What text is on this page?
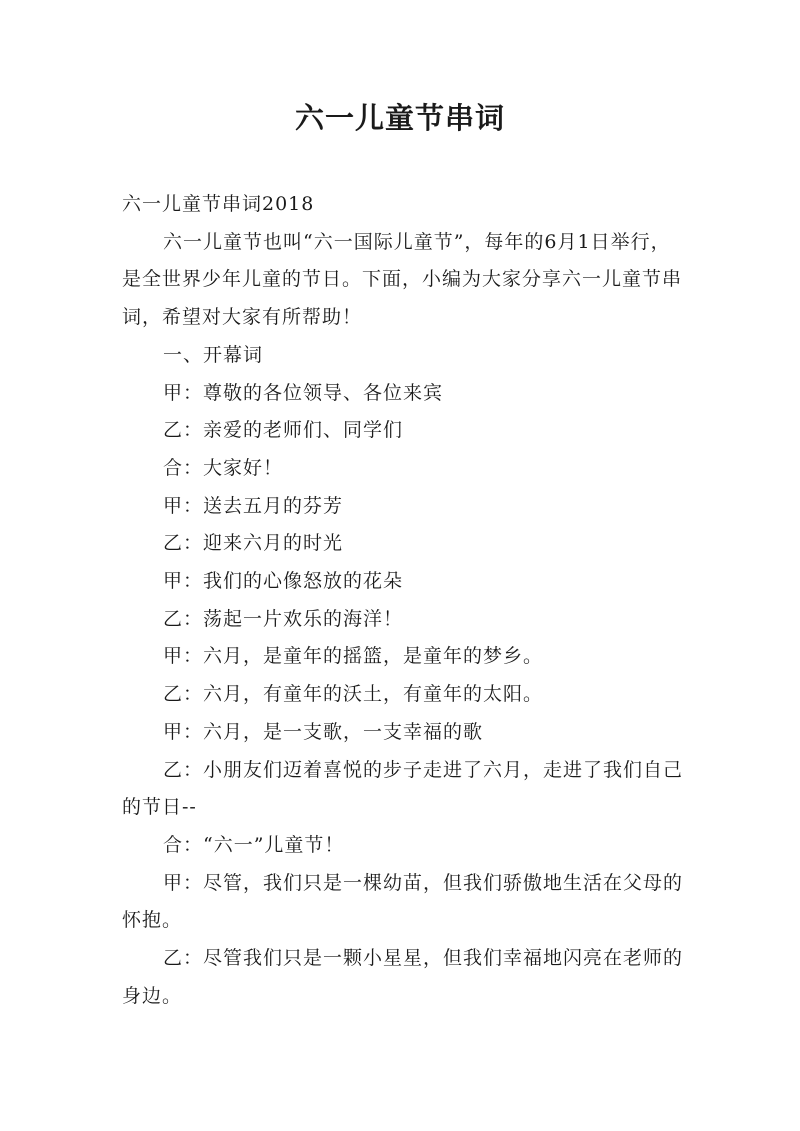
六一儿童节串词

六一儿童节串词2018

六一儿童节也叫“六一国际儿童节”，每年的6月1日举行，是全世界少年儿童的节日。下面，小编为大家分享六一儿童节串词，希望对大家有所帮助！

一、开幕词

甲：尊敬的各位领导、各位来宾

乙：亲爱的老师们、同学们

合：大家好！

甲：送去五月的芬芳

乙：迎来六月的时光

甲：我们的心像怒放的花朵

乙：荡起一片欢乐的海洋！

甲：六月，是童年的摇篮，是童年的梦乡。

乙：六月，有童年的沃土，有童年的太阳。

甲：六月，是一支歌，一支幸福的歌

乙：小朋友们迈着喜悦的步子走进了六月，走进了我们自己的节日--

合：“六一”儿童节！

甲：尽管，我们只是一棵幼苗，但我们骄傲地生活在父母的怀抱。

乙：尽管我们只是一颗小星星，但我们幸福地闪亮在老师的身边。
